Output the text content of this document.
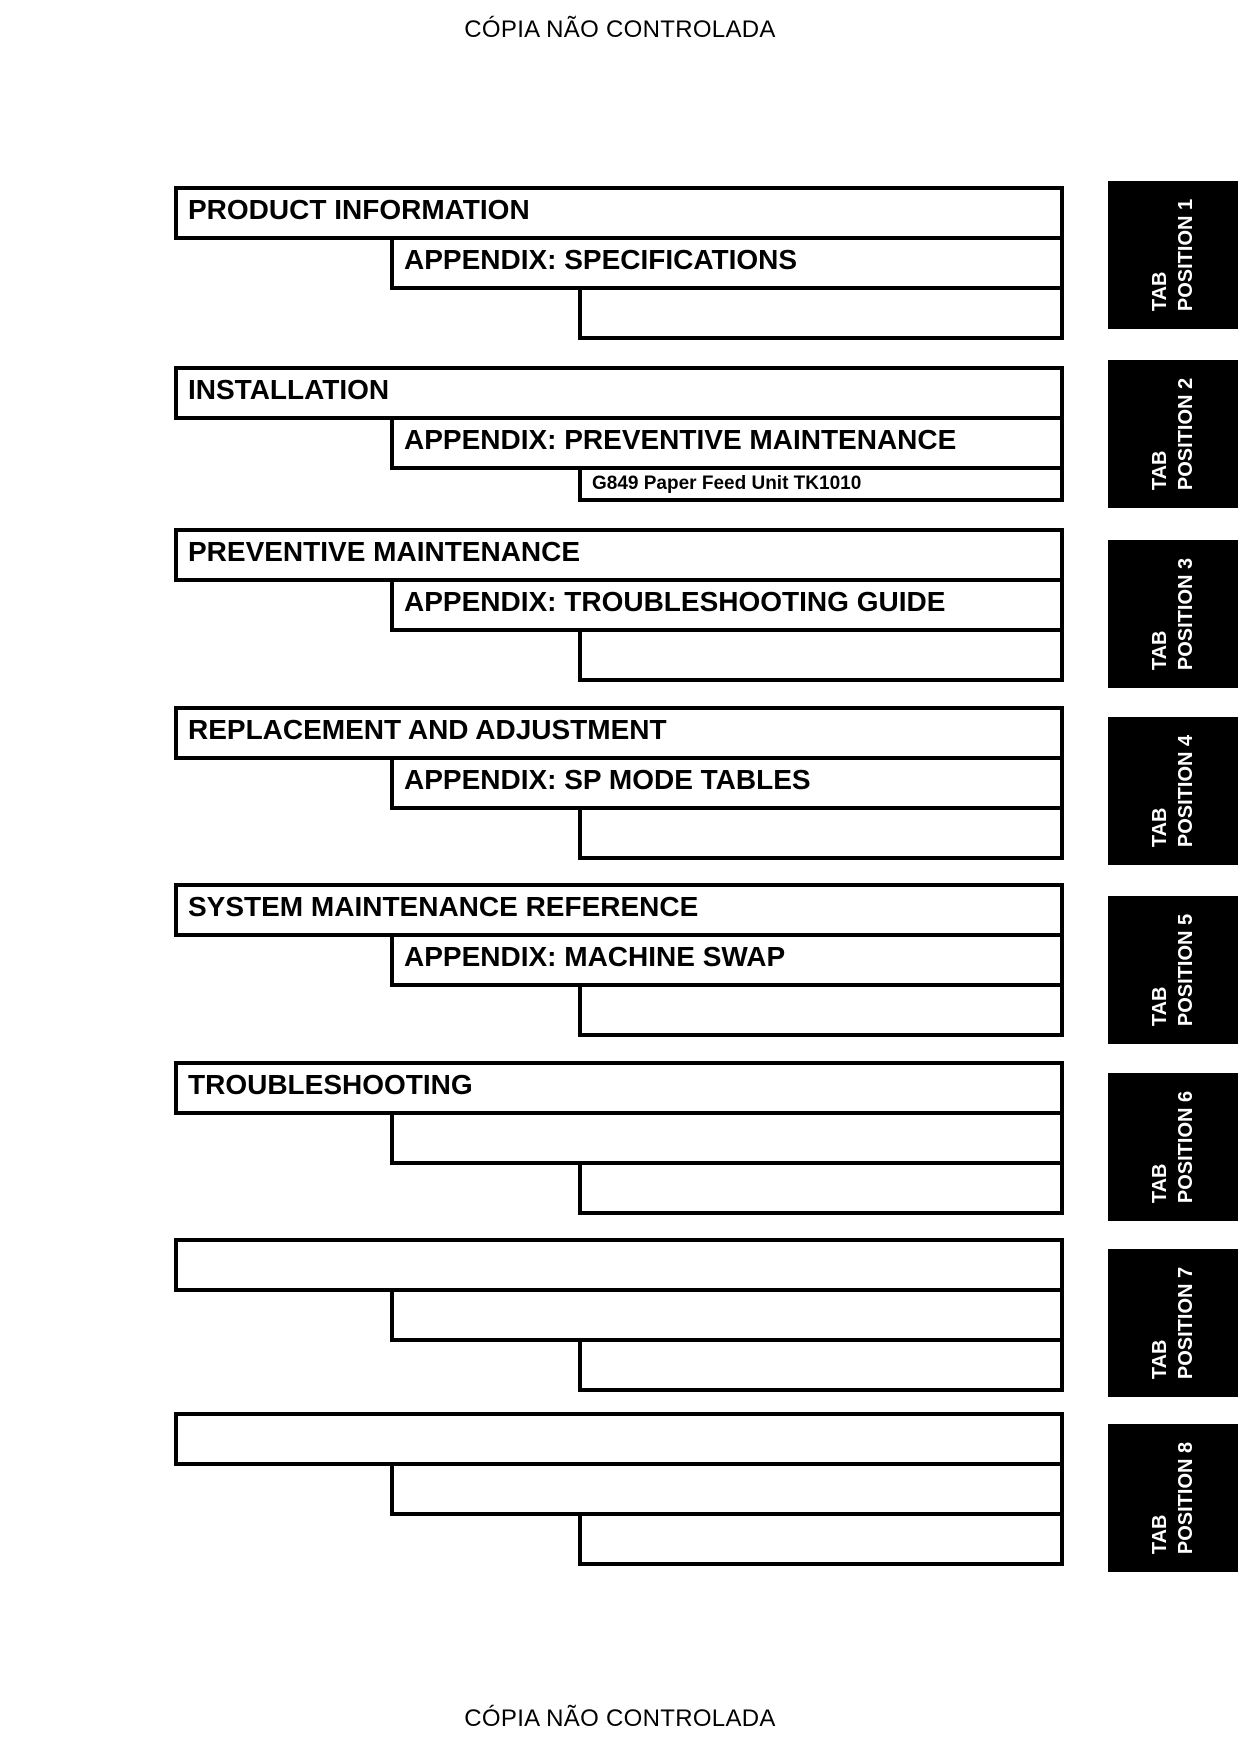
CÓPIA NÃO CONTROLADA
PRODUCT INFORMATION
APPENDIX: SPECIFICATIONS
INSTALLATION
APPENDIX: PREVENTIVE MAINTENANCE
G849 Paper Feed Unit TK1010
PREVENTIVE MAINTENANCE
APPENDIX: TROUBLESHOOTING GUIDE
REPLACEMENT AND ADJUSTMENT
APPENDIX: SP MODE TABLES
SYSTEM MAINTENANCE REFERENCE
APPENDIX: MACHINE SWAP
TROUBLESHOOTING
TAB POSITION 1
TAB POSITION 2
TAB POSITION 3
TAB POSITION 4
TAB POSITION 5
TAB POSITION 6
TAB POSITION 7
TAB POSITION 8
CÓPIA NÃO CONTROLADA
